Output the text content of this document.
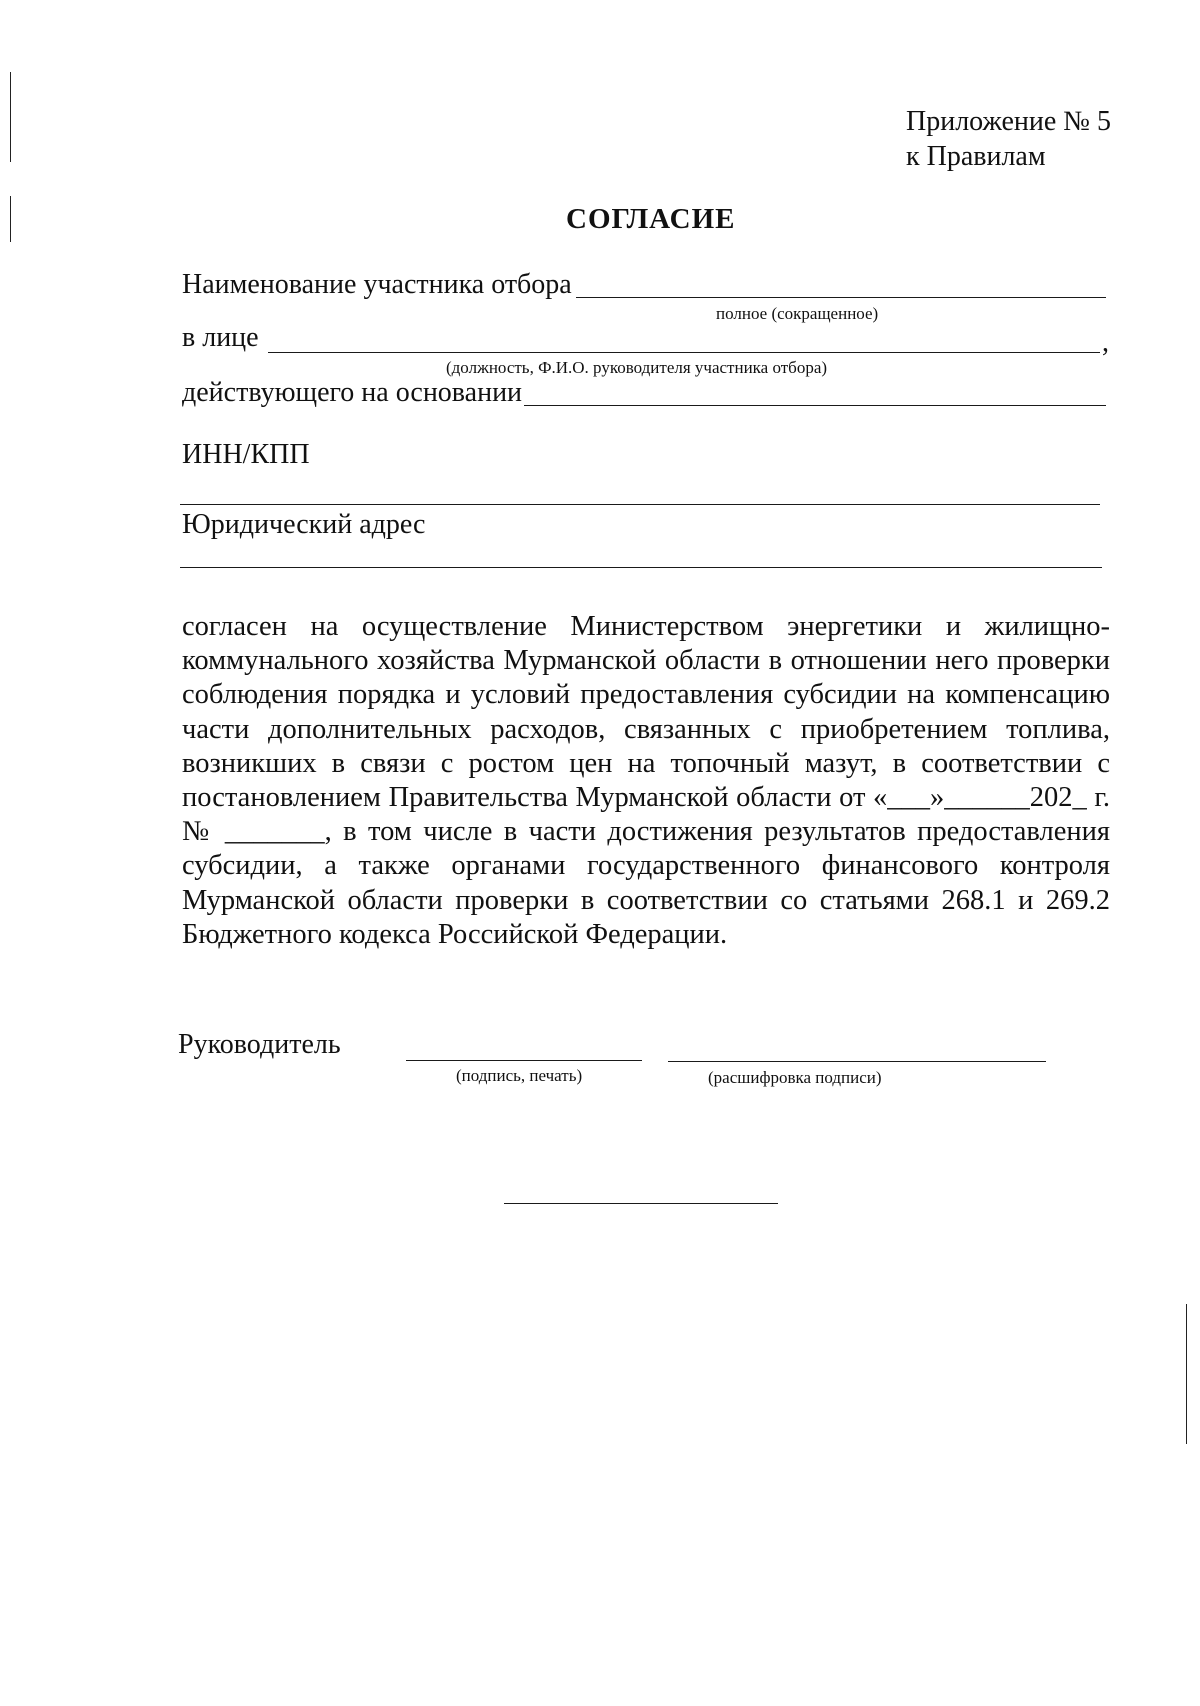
Приложение № 5
к Правилам
СОГЛАСИЕ
Наименование участника отбора
полное (сокращенное)
в лице	,
(должность, Ф.И.О. руководителя участника отбора)
действующего на основании
ИНН/КПП
Юридический адрес
согласен на осуществление Министерством энергетики и жилищно-коммунального хозяйства Мурманской области в отношении него проверки соблюдения порядка и условий предоставления субсидии на компенсацию части дополнительных расходов, связанных с приобретением топлива, возникших в связи с ростом цен на топочный мазут, в соответствии с постановлением Правительства Мурманской области от «___»______202_ г. № _______, в том числе в части достижения результатов предоставления субсидии, а также органами государственного финансового контроля Мурманской области проверки в соответствии со статьями 268.1 и 269.2 Бюджетного кодекса Российской Федерации.
Руководитель
(подпись, печать)	(расшифровка подписи)
